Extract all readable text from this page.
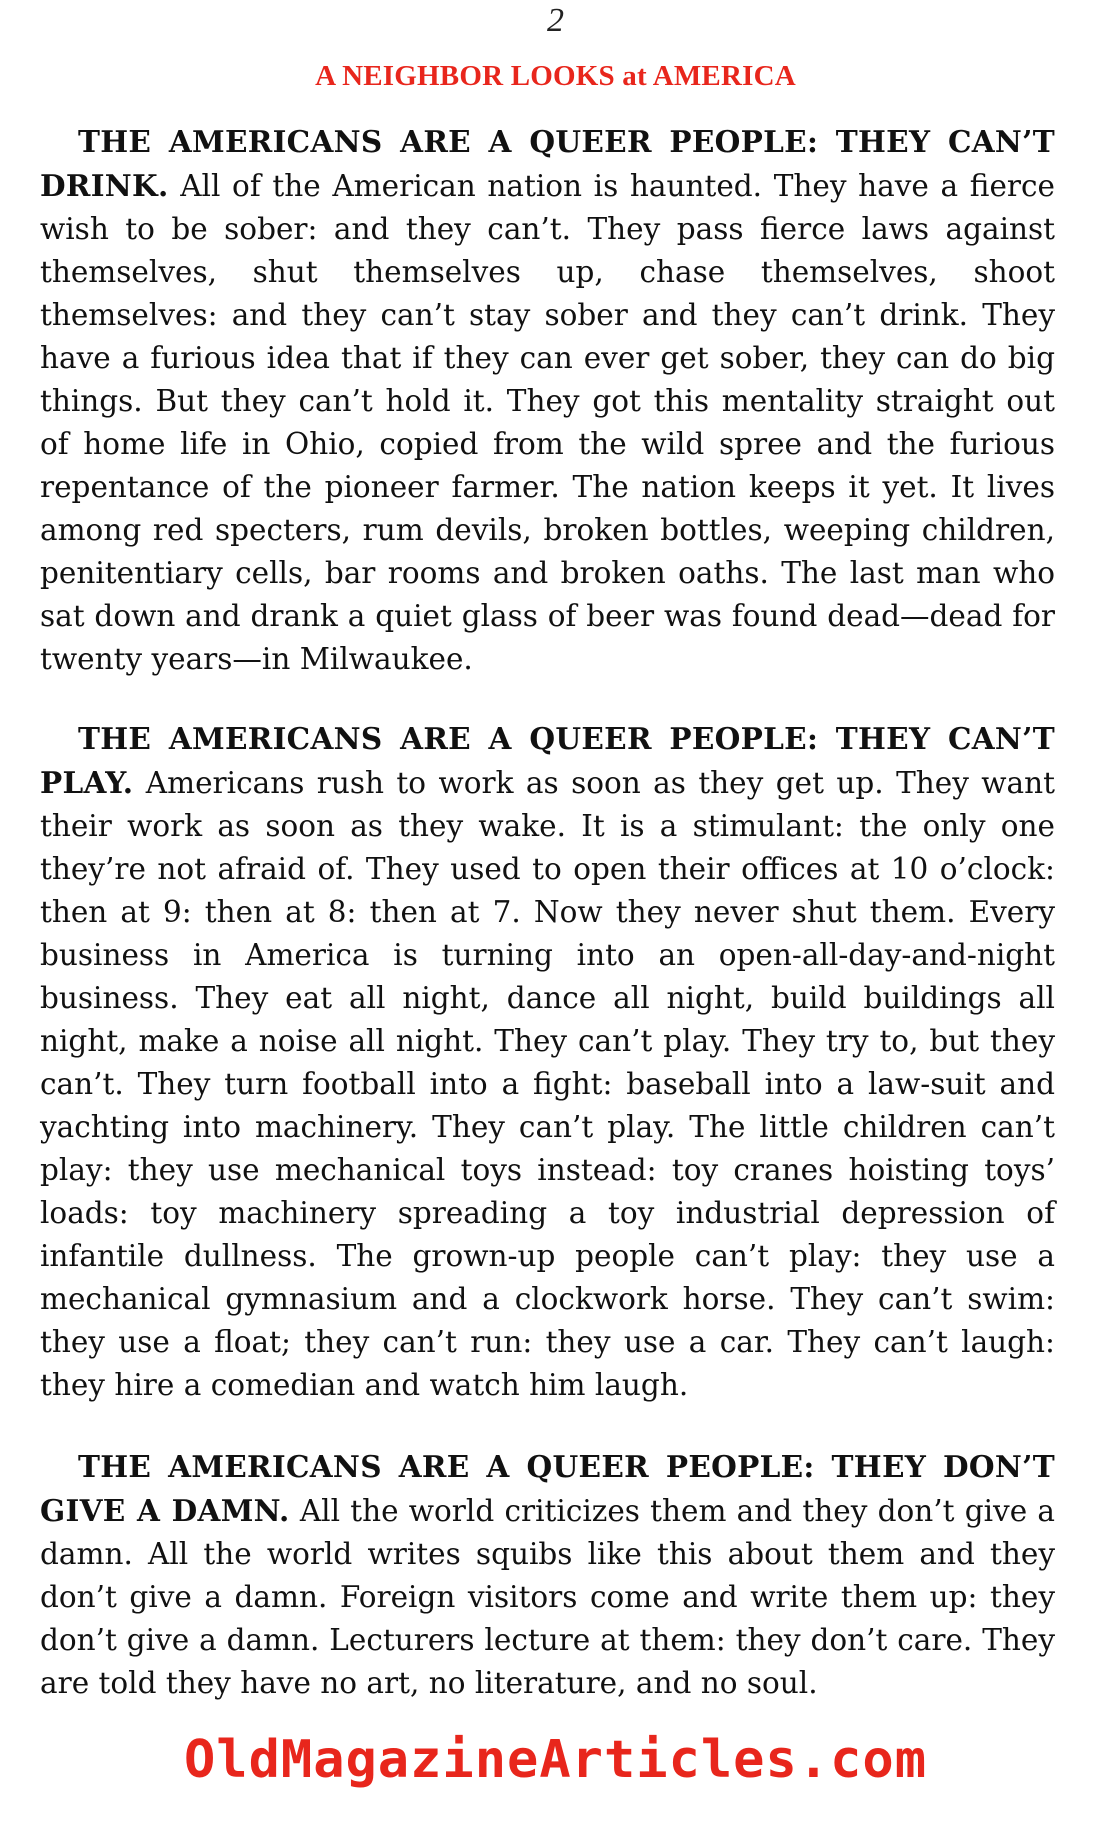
2
A NEIGHBOR LOOKS at AMERICA

THE AMERICANS ARE A QUEER PEOPLE: THEY CAN’T DRINK. All of the American nation is haunted. They have a fierce wish to be sober: and they can’t. They pass fierce laws against themselves, shut themselves up, chase themselves, shoot themselves: and they can’t stay sober and they can’t drink. They have a furious idea that if they can ever get sober, they can do big things. But they can’t hold it. They got this mentality straight out of home life in Ohio, copied from the wild spree and the furious repentance of the pioneer farmer. The nation keeps it yet. It lives among red specters, rum devils, broken bottles, weeping children, penitentiary cells, bar rooms and broken oaths. The last man who sat down and drank a quiet glass of beer was found dead—dead for twenty years—in Milwaukee.

THE AMERICANS ARE A QUEER PEOPLE: THEY CAN’T PLAY. Americans rush to work as soon as they get up. They want their work as soon as they wake. It is a stimulant: the only one they’re not afraid of. They used to open their offices at 10 o’clock: then at 9: then at 8: then at 7. Now they never shut them. Every business in America is turning into an open-all-day-and-night business. They eat all night, dance all night, build buildings all night, make a noise all night. They can’t play. They try to, but they can’t. They turn football into a fight: baseball into a law-suit and yachting into machinery. They can’t play. The little children can’t play: they use mechanical toys instead: toy cranes hoisting toys’ loads: toy machinery spreading a toy industrial depression of infantile dullness. The grown-up people can’t play: they use a mechanical gymnasium and a clockwork horse. They can’t swim: they use a float; they can’t run: they use a car. They can’t laugh: they hire a comedian and watch him laugh.

THE AMERICANS ARE A QUEER PEOPLE: THEY DON’T GIVE A DAMN. All the world criticizes them and they don’t give a damn. All the world writes squibs like this about them and they don’t give a damn. Foreign visitors come and write them up: they don’t give a damn. Lecturers lecture at them: they don’t care. They are told they have no art, no literature, and no soul.

OldMagazineArticles.com
